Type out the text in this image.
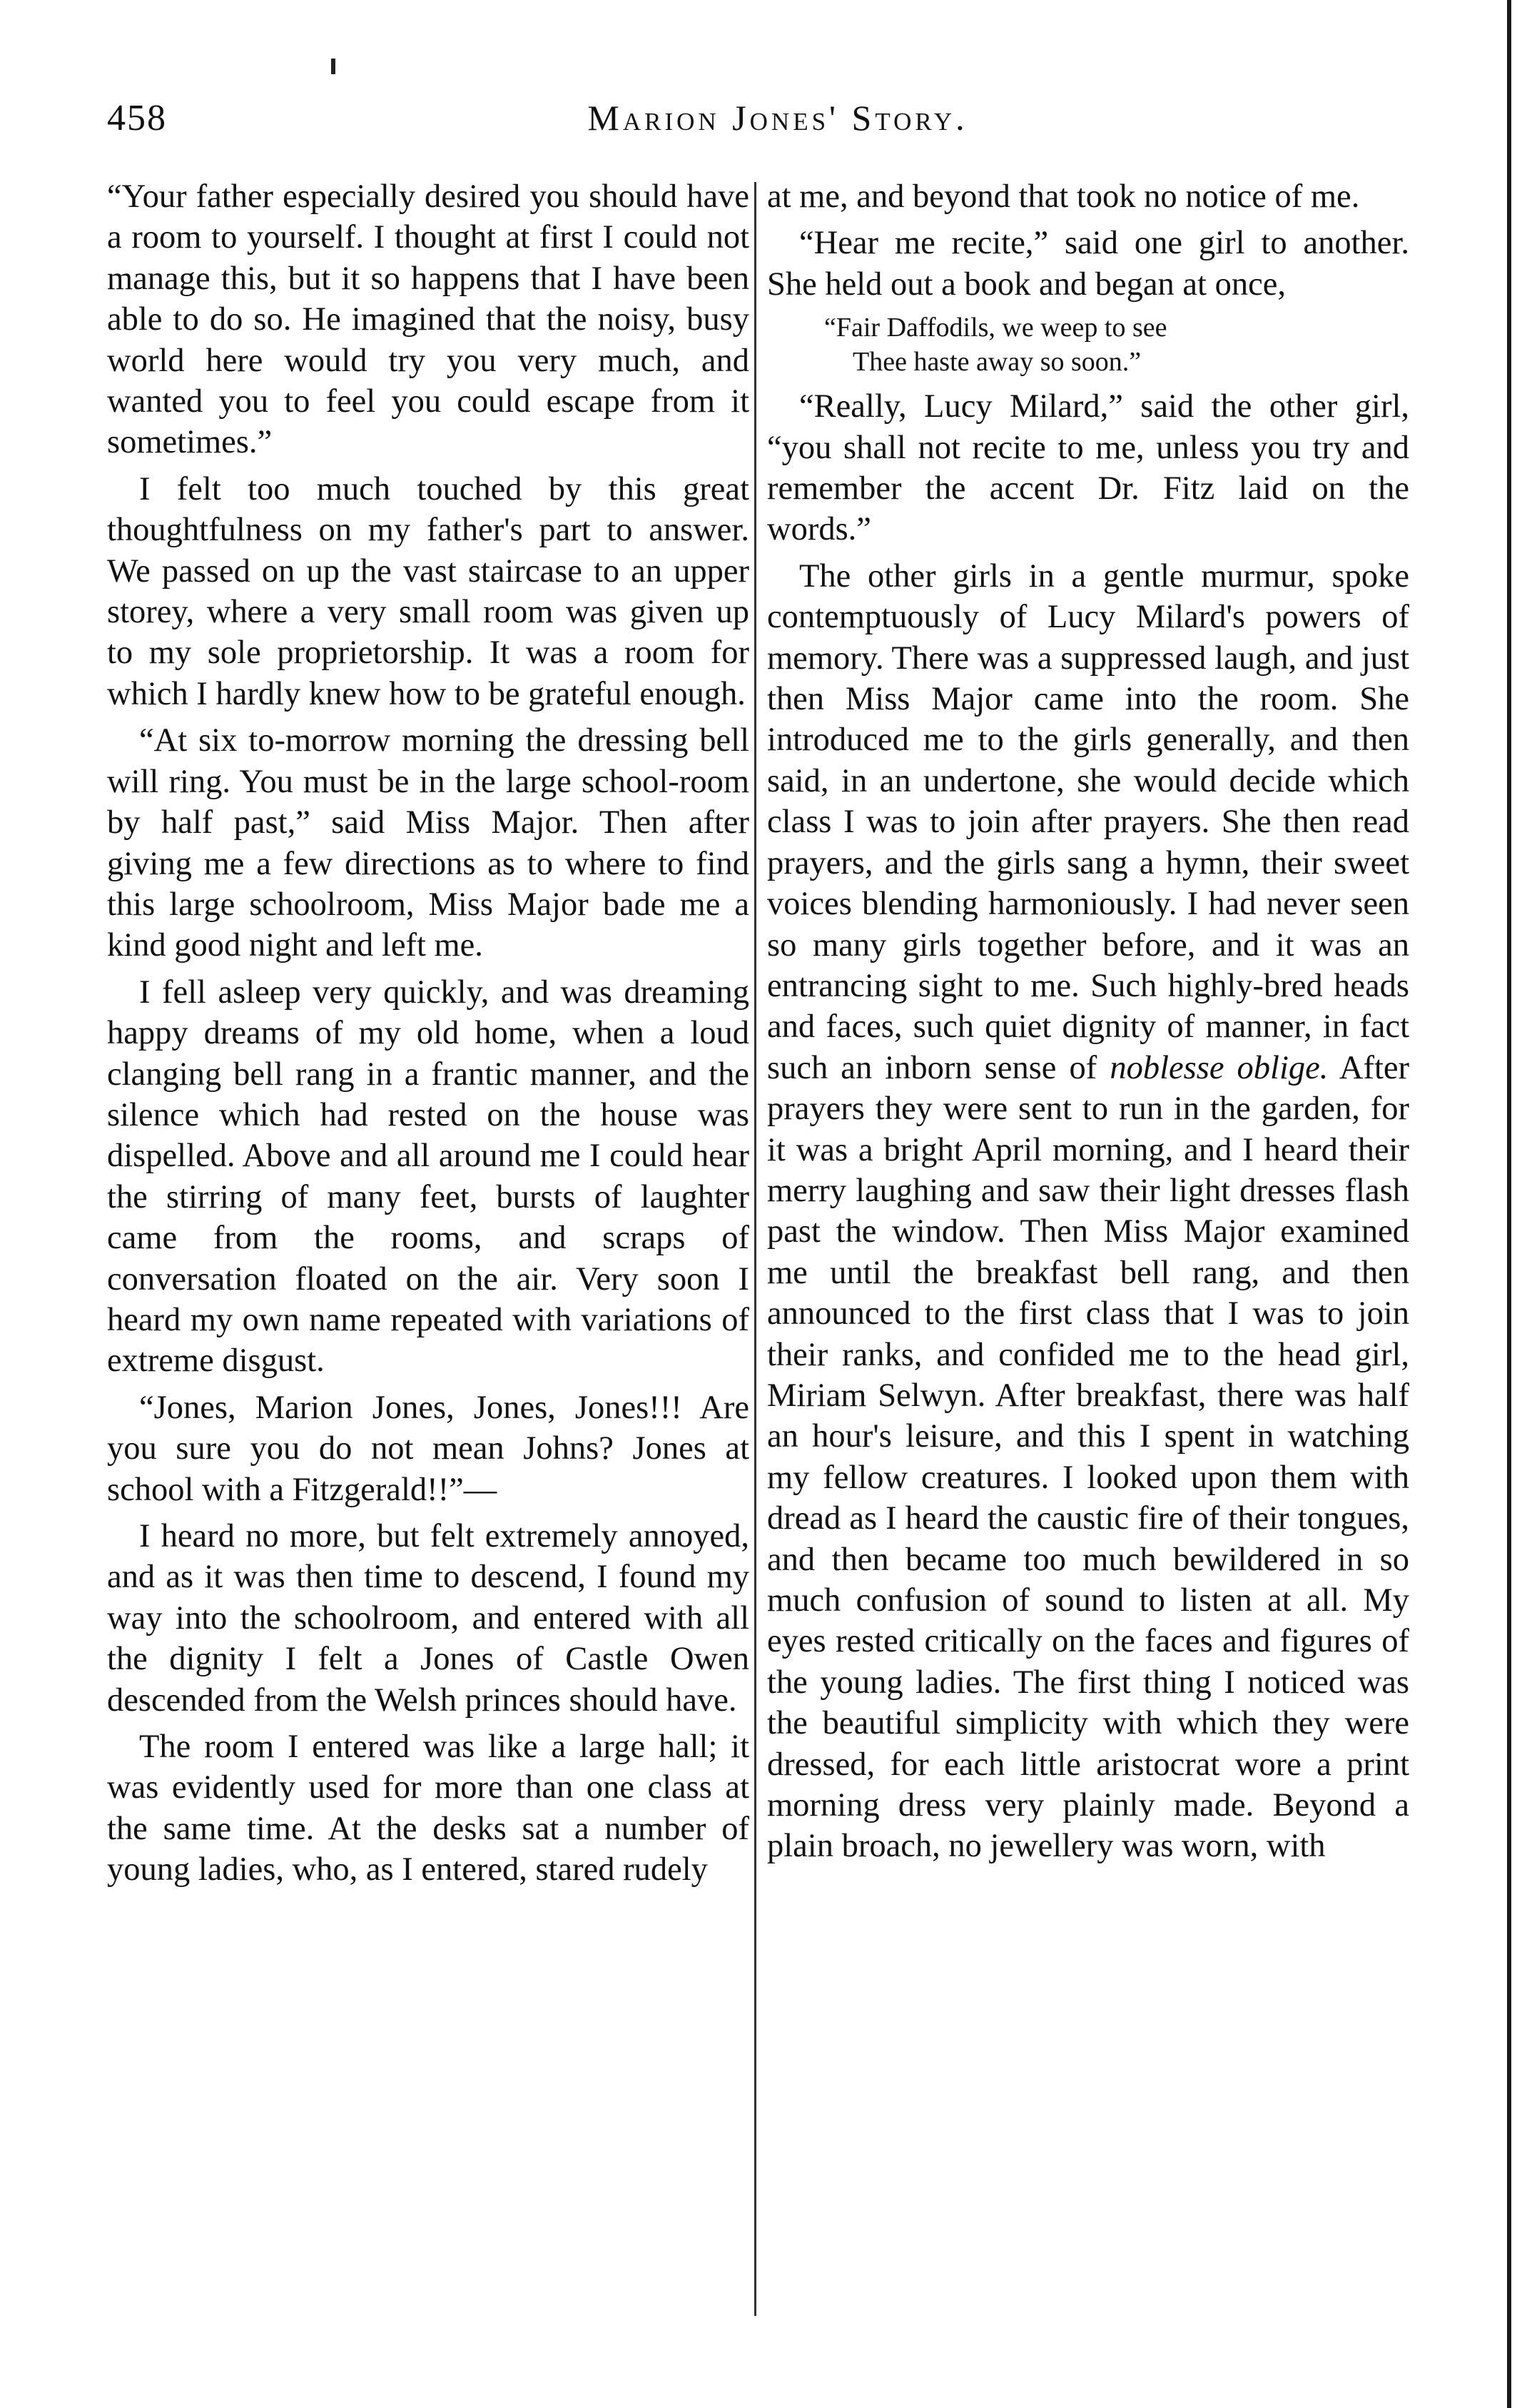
458	Marion Jones' Story.

“Your father especially desired you should have a room to yourself. I thought at first I could not manage this, but it so happens that I have been able to do so. He imagined that the noisy, busy world here would try you very much, and wanted you to feel you could escape from it sometimes.”

I felt too much touched by this great thoughtfulness on my father's part to answer. We passed on up the vast staircase to an upper storey, where a very small room was given up to my sole proprietorship. It was a room for which I hardly knew how to be grateful enough.

“At six to-morrow morning the dressing bell will ring. You must be in the large school-room by half past,” said Miss Major. Then after giving me a few directions as to where to find this large schoolroom, Miss Major bade me a kind good night and left me.

I fell asleep very quickly, and was dreaming happy dreams of my old home, when a loud clanging bell rang in a frantic manner, and the silence which had rested on the house was dispelled. Above and all around me I could hear the stirring of many feet, bursts of laughter came from the rooms, and scraps of conversation floated on the air. Very soon I heard my own name repeated with variations of extreme disgust.

“Jones, Marion Jones, Jones, Jones!!! Are you sure you do not mean Johns? Jones at school with a Fitzgerald!!”—

I heard no more, but felt extremely annoyed, and as it was then time to descend, I found my way into the schoolroom, and entered with all the dignity I felt a Jones of Castle Owen descended from the Welsh princes should have.

The room I entered was like a large hall; it was evidently used for more than one class at the same time. At the desks sat a number of young ladies, who, as I entered, stared rudely

at me, and beyond that took no notice of me.

“Hear me recite,” said one girl to another. She held out a book and began at once,

“Fair Daffodils, we weep to see
Thee haste away so soon.”

“Really, Lucy Milard,” said the other girl, “you shall not recite to me, unless you try and remember the accent Dr. Fitz laid on the words.”

The other girls in a gentle murmur, spoke contemptuously of Lucy Milard's powers of memory. There was a suppressed laugh, and just then Miss Major came into the room. She introduced me to the girls generally, and then said, in an undertone, she would decide which class I was to join after prayers. She then read prayers, and the girls sang a hymn, their sweet voices blending harmoniously. I had never seen so many girls together before, and it was an entrancing sight to me. Such highly-bred heads and faces, such quiet dignity of manner, in fact such an inborn sense of noblesse oblige. After prayers they were sent to run in the garden, for it was a bright April morning, and I heard their merry laughing and saw their light dresses flash past the window. Then Miss Major examined me until the breakfast bell rang, and then announced to the first class that I was to join their ranks, and confided me to the head girl, Miriam Selwyn. After breakfast, there was half an hour's leisure, and this I spent in watching my fellow creatures. I looked upon them with dread as I heard the caustic fire of their tongues, and then became too much bewildered in so much confusion of sound to listen at all. My eyes rested critically on the faces and figures of the young ladies. The first thing I noticed was the beautiful simplicity with which they were dressed, for each little aristocrat wore a print morning dress very plainly made. Beyond a plain broach, no jewellery was worn, with
